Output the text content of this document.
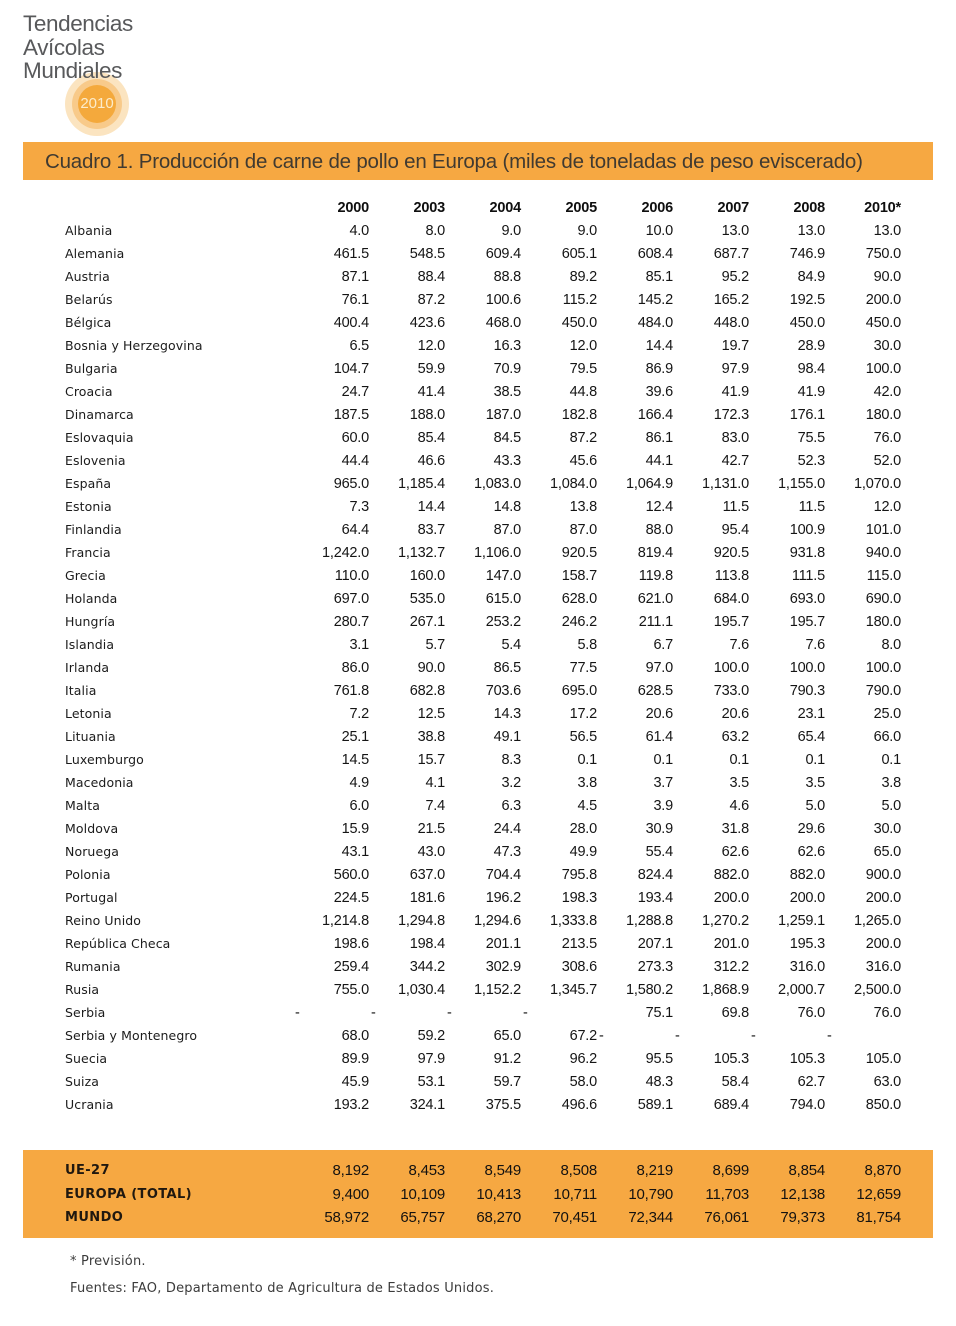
2010
Tendencias
Avícolas
Mundiales
Cuadro 1. Producción de carne de pollo en Europa (miles de toneladas de peso eviscerado)
	2000	2003	2004	2005	2006	2007	2008	2010*
Albania	4.0	8.0	9.0	9.0	10.0	13.0	13.0	13.0
Alemania	461.5	548.5	609.4	605.1	608.4	687.7	746.9	750.0
Austria	87.1	88.4	88.8	89.2	85.1	95.2	84.9	90.0
Belarús	76.1	87.2	100.6	115.2	145.2	165.2	192.5	200.0
Bélgica	400.4	423.6	468.0	450.0	484.0	448.0	450.0	450.0
Bosnia y Herzegovina	6.5	12.0	16.3	12.0	14.4	19.7	28.9	30.0
Bulgaria	104.7	59.9	70.9	79.5	86.9	97.9	98.4	100.0
Croacia	24.7	41.4	38.5	44.8	39.6	41.9	41.9	42.0
Dinamarca	187.5	188.0	187.0	182.8	166.4	172.3	176.1	180.0
Eslovaquia	60.0	85.4	84.5	87.2	86.1	83.0	75.5	76.0
Eslovenia	44.4	46.6	43.3	45.6	44.1	42.7	52.3	52.0
España	965.0	1,185.4	1,083.0	1,084.0	1,064.9	1,131.0	1,155.0	1,070.0
Estonia	7.3	14.4	14.8	13.8	12.4	11.5	11.5	12.0
Finlandia	64.4	83.7	87.0	87.0	88.0	95.4	100.9	101.0
Francia	1,242.0	1,132.7	1,106.0	920.5	819.4	920.5	931.8	940.0
Grecia	110.0	160.0	147.0	158.7	119.8	113.8	111.5	115.0
Holanda	697.0	535.0	615.0	628.0	621.0	684.0	693.0	690.0
Hungría	280.7	267.1	253.2	246.2	211.1	195.7	195.7	180.0
Islandia	3.1	5.7	5.4	5.8	6.7	7.6	7.6	8.0
Irlanda	86.0	90.0	86.5	77.5	97.0	100.0	100.0	100.0
Italia	761.8	682.8	703.6	695.0	628.5	733.0	790.3	790.0
Letonia	7.2	12.5	14.3	17.2	20.6	20.6	23.1	25.0
Lituania	25.1	38.8	49.1	56.5	61.4	63.2	65.4	66.0
Luxemburgo	14.5	15.7	8.3	0.1	0.1	0.1	0.1	0.1
Macedonia	4.9	4.1	3.2	3.8	3.7	3.5	3.5	3.8
Malta	6.0	7.4	6.3	4.5	3.9	4.6	5.0	5.0
Moldova	15.9	21.5	24.4	28.0	30.9	31.8	29.6	30.0
Noruega	43.1	43.0	47.3	49.9	55.4	62.6	62.6	65.0
Polonia	560.0	637.0	704.4	795.8	824.4	882.0	882.0	900.0
Portugal	224.5	181.6	196.2	198.3	193.4	200.0	200.0	200.0
Reino Unido	1,214.8	1,294.8	1,294.6	1,333.8	1,288.8	1,270.2	1,259.1	1,265.0
República Checa	198.6	198.4	201.1	213.5	207.1	201.0	195.3	200.0
Rumania	259.4	344.2	302.9	308.6	273.3	312.2	316.0	316.0
Rusia	755.0	1,030.4	1,152.2	1,345.7	1,580.2	1,868.9	2,000.7	2,500.0
Serbia	-	-	-	-	75.1	69.8	76.0	76.0
Serbia y Montenegro	68.0	59.2	65.0	67.2	-	-	-	-
Suecia	89.9	97.9	91.2	96.2	95.5	105.3	105.3	105.0
Suiza	45.9	53.1	59.7	58.0	48.3	58.4	62.7	63.0
Ucrania	193.2	324.1	375.5	496.6	589.1	689.4	794.0	850.0
UE-27	8,192	8,453	8,549	8,508	8,219	8,699	8,854	8,870
EUROPA (TOTAL)	9,400	10,109	10,413	10,711	10,790	11,703	12,138	12,659
MUNDO	58,972	65,757	68,270	70,451	72,344	76,061	79,373	81,754
* Previsión.
Fuentes: FAO, Departamento de Agricultura de Estados Unidos.
